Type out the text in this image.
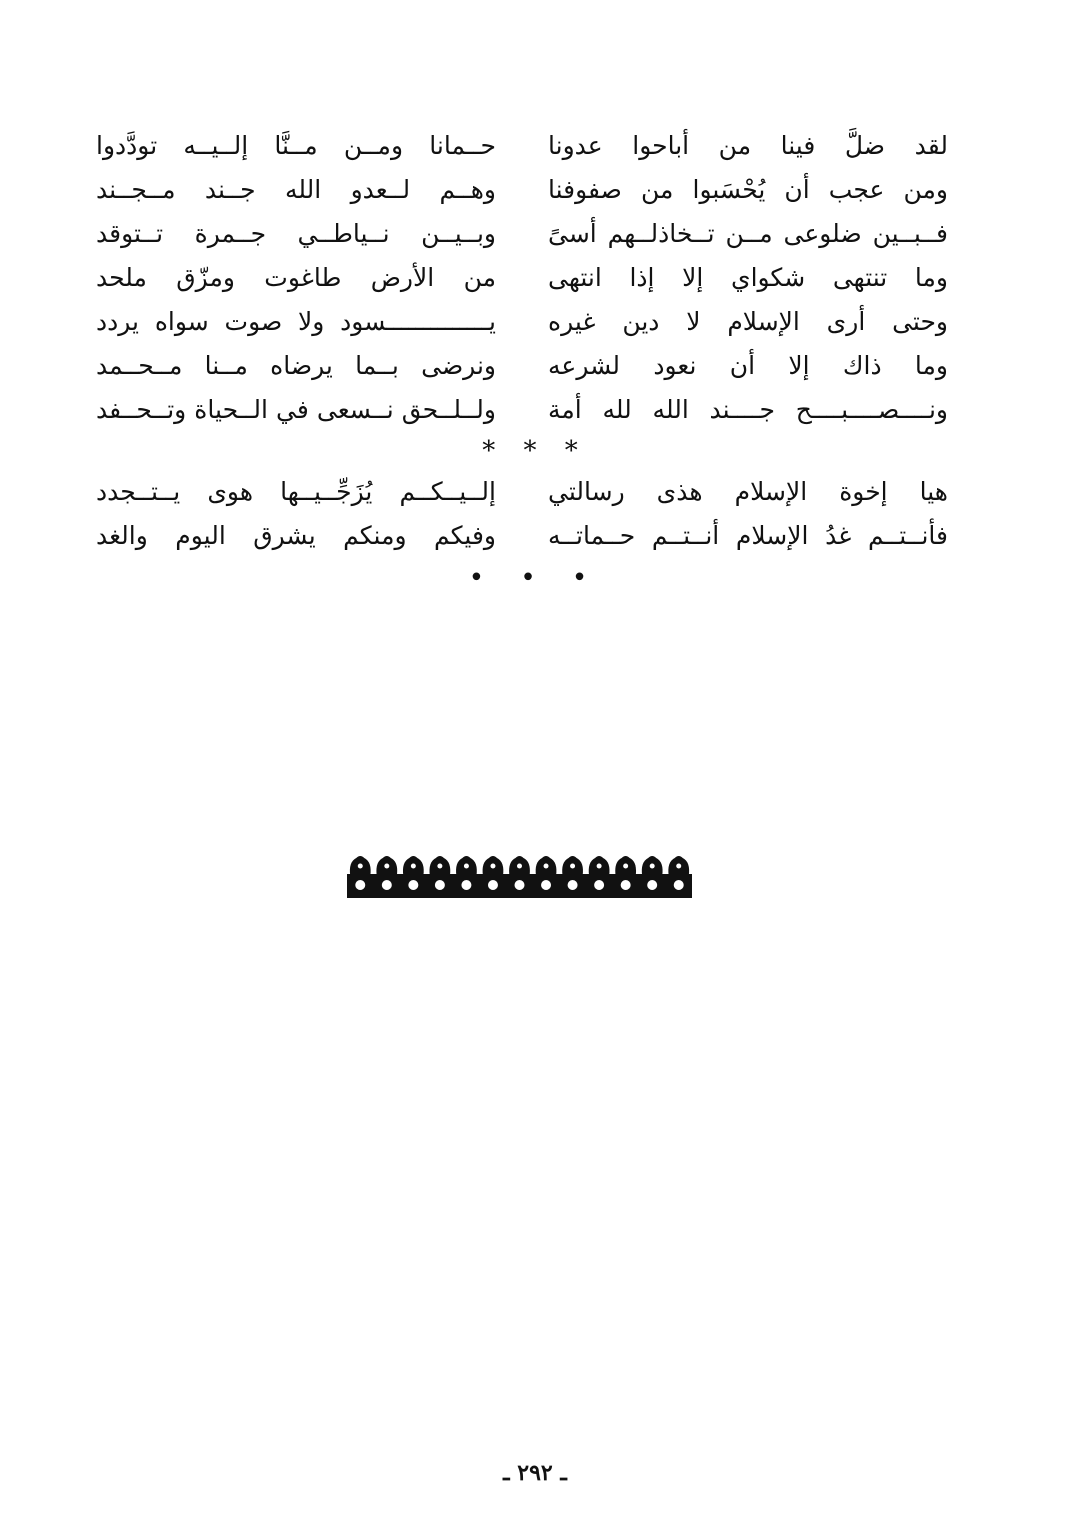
لقد ضلَّ فينا من أباحوا عدونا
حــمانا ومــن مــنَّا إلــيــه تودَّدوا
ومن عجب أن يُحْسَبوا من صفوفنا
وهــم لــعدو الله جــند مــجــند
فــبــين ضلوعى مــن تــخاذلــهم أسىً
وبــيــن نــياطــي جــمرة تــتوقد
وما تنتهى شكواي إلا إذا انتهى
من الأرض طاغوت ومزّق ملحد
وحتى أرى الإسلام لا دين غيره
يــــــــــــــسود ولا صوت سواه يردد
وما ذاك إلا أن نعود لشرعه
ونرضى بــما يرضاه مــنا مــحــمد
ونــــصــــبــــح جــــند الله لله أمة
ولــلــحق نــسعى في الــحياة وتــحــفد
* * *
هيا إخوة الإسلام هذى رسالتي
إلــيــكــم يُزَجِّــيــها هوى يــتــجدد
فأنــتــم غدُ الإسلام أنــتــم حــماتــه
وفيكم ومنكم يشرق اليوم والغد
• • •
ـ ٢٩٢ ـ
